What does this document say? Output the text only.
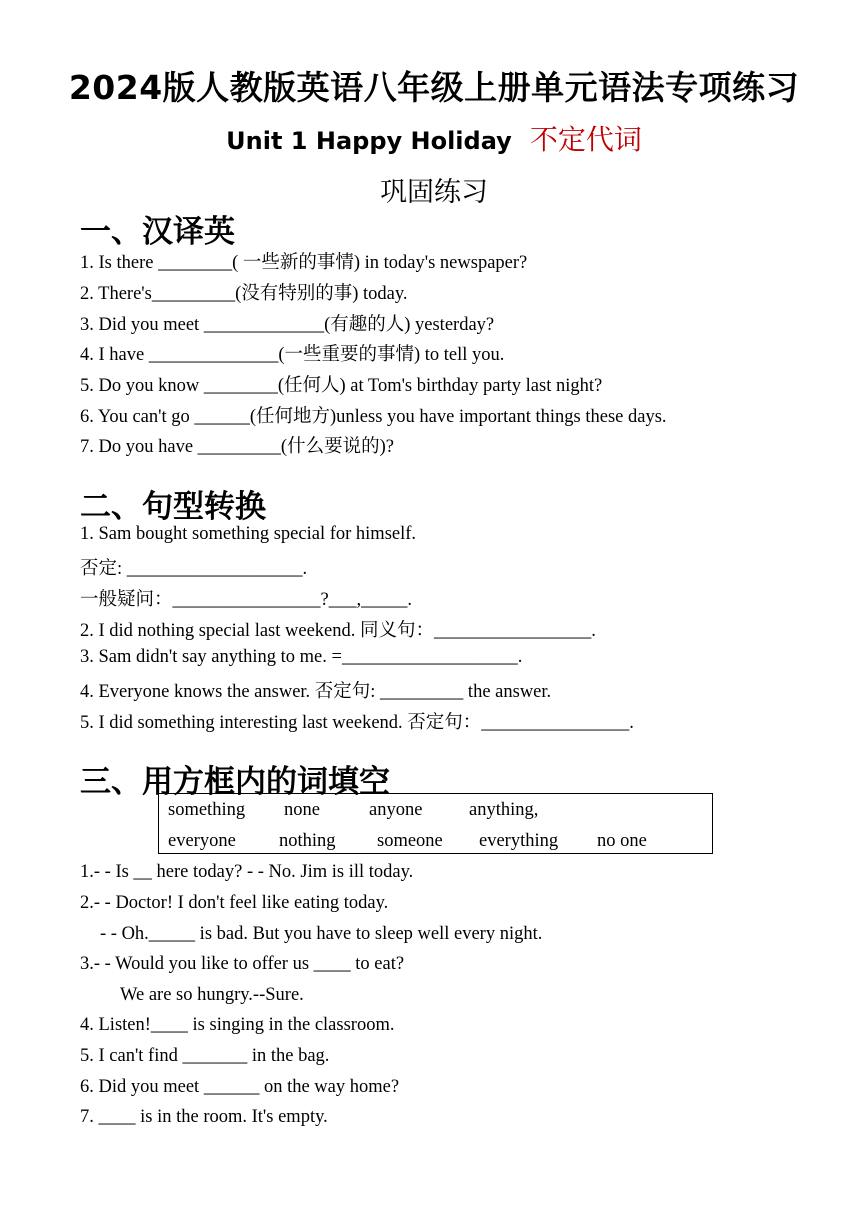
2024版人教版英语八年级上册单元语法专项练习
Unit 1 Happy Holiday 不定代词
巩固练习
一、汉译英
1. Is there ________( 一些新的事情) in today's newspaper?
2. There's_________(没有特别的事) today.
3. Did you meet _____________(有趣的人) yesterday?
4. I have ______________(一些重要的事情) to tell you.
5. Do you know ________(任何人) at Tom's birthday party last night?
6. You can't go ______(任何地方)unless you have important things these days.
7. Do you have _________(什么要说的)?
二、句型转换
1. Sam bought something special for himself.
否定: ___________________.
一般疑问：________________?___,_____.
2. I did nothing special last weekend. 同义句：_________________.
3. Sam didn't say anything to me. =___________________.
4. Everyone knows the answer. 否定句: _________ the answer.
5. I did something interesting last weekend. 否定句：________________.
三、用方框内的词填空
something none	anyone	anything,
everyone nothing someone everything no one
1.- - Is __ here today? - - No. Jim is ill today.
2.- - Doctor! I don't feel like eating today.
- - Oh._____ is bad. But you have to sleep well every night.
3.- - Would you like to offer us ____ to eat?
We are so hungry.--Sure.
4. Listen!____ is singing in the classroom.
5. I can't find _______ in the bag.
6. Did you meet ______ on the way home?
7. ____ is in the room. It's empty.
